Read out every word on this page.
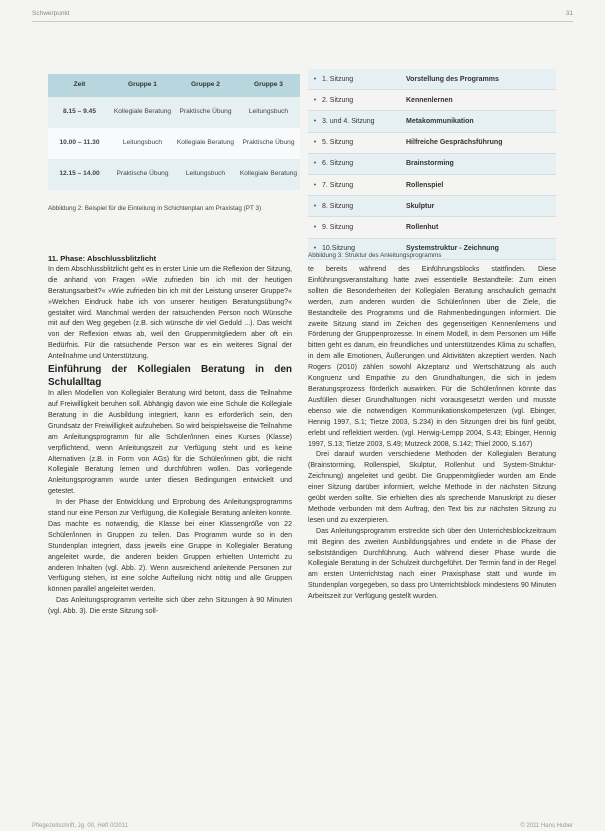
Schwerpunkt	31
Zeit	Gruppe 1	Gruppe 2	Gruppe 3
8.15 – 9.45	Kollegiale Beratung	Praktische Übung	Leitungsbuch
10.00 – 11.30	Leitungsbuch	Kollegiale Beratung	Praktische Übung
12.15 – 14.00	Praktische Übung	Leitungsbuch	Kollegiale Beratung
Abbildung 2: Beispiel für die Einteilung in Schichtenplan am Praxistag (PT 3)
• 1. Sitzung	Vorstellung des Programms
• 2. Sitzung	Kennenlernen
• 3. und 4. Sitzung	Metakommunikation
• 5. Sitzung	Hilfreiche Gesprächsführung
• 6. Sitzung	Brainstorming
• 7. Sitzung	Rollenspiel
• 8. Sitzung	Skulptur
• 9. Sitzung	Rollenhut
• 10.Sitzung	Systemstruktur - Zeichnung
Abbildung 3: Struktur des Anleitungsprogramms

11. Phase: Abschlussblitzlicht

In dem Abschlussblitzlicht geht es in erster Linie um die Reflexion der Sitzung, die anhand von Fragen »Wie zufrieden bin ich mit der heutigen Beratungsarbeit?« »Wie zufrieden bin ich mit der Leistung unserer Gruppe?« »Welchen Eindruck habe ich von unserer heutigen Beratungsübung?« gestaltet wird. Manchmal werden der ratsuchenden Person noch Wünsche mit auf den Weg gegeben (z.B. sich wünsche dir viel Geduld ...). Das weicht von der Reflexion etwas ab, weil den Gruppenmitgliedern aber oft ein Bedürfnis. Für die ratsuchende Person war es ein weiteres Signal der Anteilnahme und Unterstützung.

Einführung der Kollegialen Beratung in den Schulalltag

In allen Modellen von Kollegialer Beratung wird betont, dass die Teilnahme auf Freiwilligkeit beruhen soll. Abhängig davon wie eine Schule die Kollegiale Beratung in die Ausbildung integriert, kann es erforderlich sein, den Grundsatz der Freiwilligkeit aufzuheben. So wird beispielsweise die Teilnahme am Anleitungsprogramm für alle Schüler/innen eines Kurses (Klasse) verpflichtend, wenn Anleitungszeit zur Verfügung steht und es keine Alternativen (z.B. in Form von AGs) für die Schüler/innen gibt, die nicht Kollegiale Beratung lernen und durchführen wollen. Das vorliegende Anleitungsprogramm wurde unter diesen Bedingungen entwickelt und getestet.

In der Phase der Entwicklung und Erprobung des Anleitungsprogramms stand nur eine Person zur Verfügung, die Kollegiale Beratung anleiten konnte. Das machte es notwendig, die Klasse bei einer Klassengröße von 22 Schüler/innen in Gruppen zu teilen. Das Programm wurde so in den Stundenplan integriert, dass jeweils eine Gruppe in Kollegialer Beratung angeleitet wurde, die anderen beiden Gruppen erhielten Unterricht zu anderen Inhalten (vgl. Abb. 2). Wenn ausreichend anleitende Personen zur Verfügung stehen, ist eine solche Aufteilung nicht nötig und alle Gruppen können parallel angeleitet werden.

Das Anleitungsprogramm verteilte sich über zehn Sitzungen à 90 Minuten (vgl. Abb. 3). Die erste Sitzung soll-

te bereits während des Einführungsblocks stattfinden. Diese Einführungsveranstaltung hatte zwei essentielle Bestandteile: Zum einen sollten die Besonderheiten der Kollegialen Beratung anschaulich gemacht werden, zum anderen wurden die Schüler/innen über die Ziele, die Bestandteile des Programms und die Rahmenbedingungen informiert. Die zweite Sitzung stand im Zeichen des gegenseitigen Kennenlernens und Förderung der Gruppenprozesse. In einem Modell, in dem Personen um Hilfe bitten geht es darum, ein freundliches und unterstützendes Klima zu schaffen, in dem alle Emotionen, Äußerungen und Aktivitäten akzeptiert werden. Nach Rogers (2010) zählen sowohl Akzeptanz und Wertschätzung als auch Kongruenz und Empathie zu den Grundhaltungen, die sich in jedem Beratungsprozess förderlich auswirken. Für die Schüler/innen könnte das Ausfüllen dieser Grundhaltungen nicht vorausgesetzt werden und musste ebenso wie die notwendigen Kommunikationskompetenzen (vgl. Ebinger, Hennig 1997, S.1; Tietze 2003, S.234) in den Sitzungen drei bis fünf geübt, erlebt und reflektiert werden. (vgl. Herwig-Lempp 2004, S.43; Ebinger, Hennig 1997, S.13; Tietze 2003, S.49; Mutzeck 2008, S.142; Thiel 2000, S.167)

Drei darauf wurden verschiedene Methoden der Kollegialen Beratung (Brainstorming, Rollenspiel, Skulptur, Rollenhut und System-Struktur-Zeichnung) angeleitet und geübt. Die Gruppenmitglieder wurden am Ende einer Sitzung darüber informiert, welche Methode in der nächsten Sitzung geübt werden sollte. Sie erhielten dies als sprechende Manuskript zu dieser Methode verbunden mit dem Auftrag, den Text bis zur nächsten Sitzung zu lesen und zu exzerpieren.

Das Anleitungsprogramm erstreckte sich über den Unterrichtsblockzeitraum mit Beginn des zweiten Ausbildungsjahres und endete in die Phase der selbstständigen Durchführung. Auch während dieser Phase wurde die Kollegiale Beratung in der Schulzeit durchgeführt. Der Termin fand in der Regel am ersten Unterrichtstag nach einer Praxisphase statt und wurde im Stundenplan vorgegeben, so dass pro Unterrichtsblock mindestens 90 Minuten Arbeitszeit zur Verfügung gestellt wurden.

Pflegezeitschrift, Jg. 00, Heft 0/2011	© 2011 Hans Huber
